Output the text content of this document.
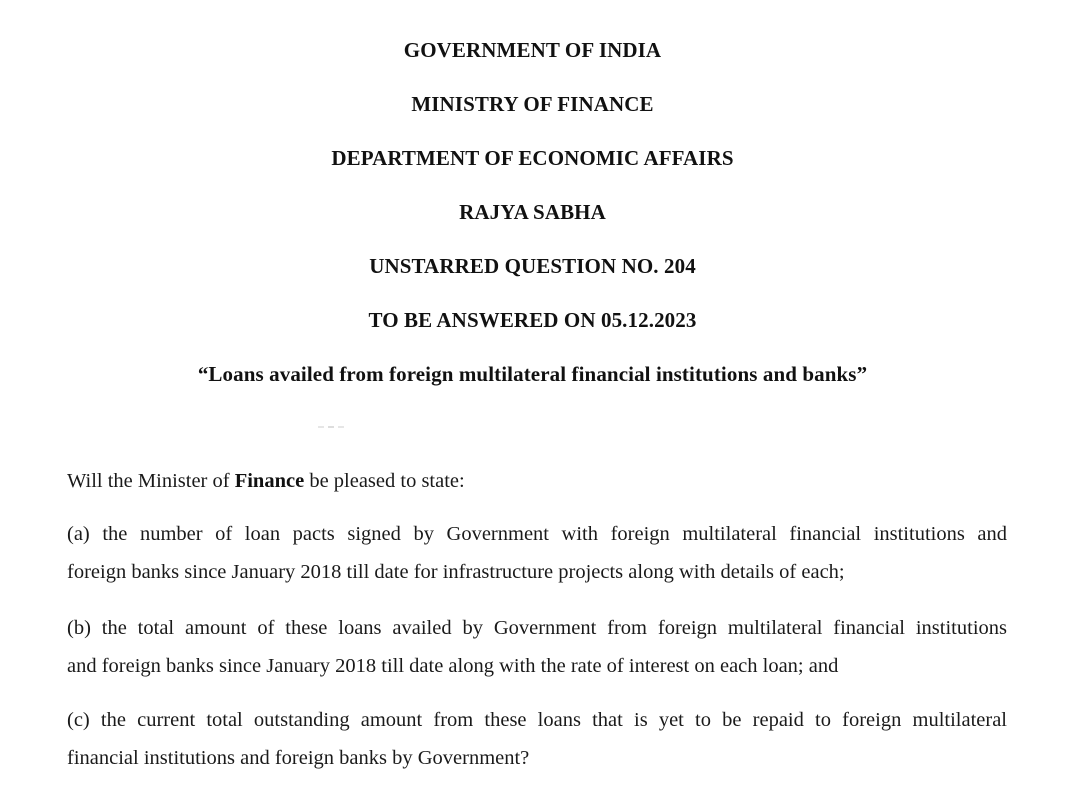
GOVERNMENT OF INDIA

MINISTRY OF FINANCE

DEPARTMENT OF ECONOMIC AFFAIRS

RAJYA SABHA

UNSTARRED QUESTION NO. 204

TO BE ANSWERED ON 05.12.2023

“Loans availed from foreign multilateral financial institutions and banks”

Will the Minister of Finance be pleased to state:
(a) the number of loan pacts signed by Government with foreign multilateral financial institutions and
foreign banks since January 2018 till date for infrastructure projects along with details of each;
(b) the total amount of these loans availed by Government from foreign multilateral financial institutions
and foreign banks since January 2018 till date along with the rate of interest on each loan; and
(c) the current total outstanding amount from these loans that is yet to be repaid to foreign multilateral
financial institutions and foreign banks by Government?
